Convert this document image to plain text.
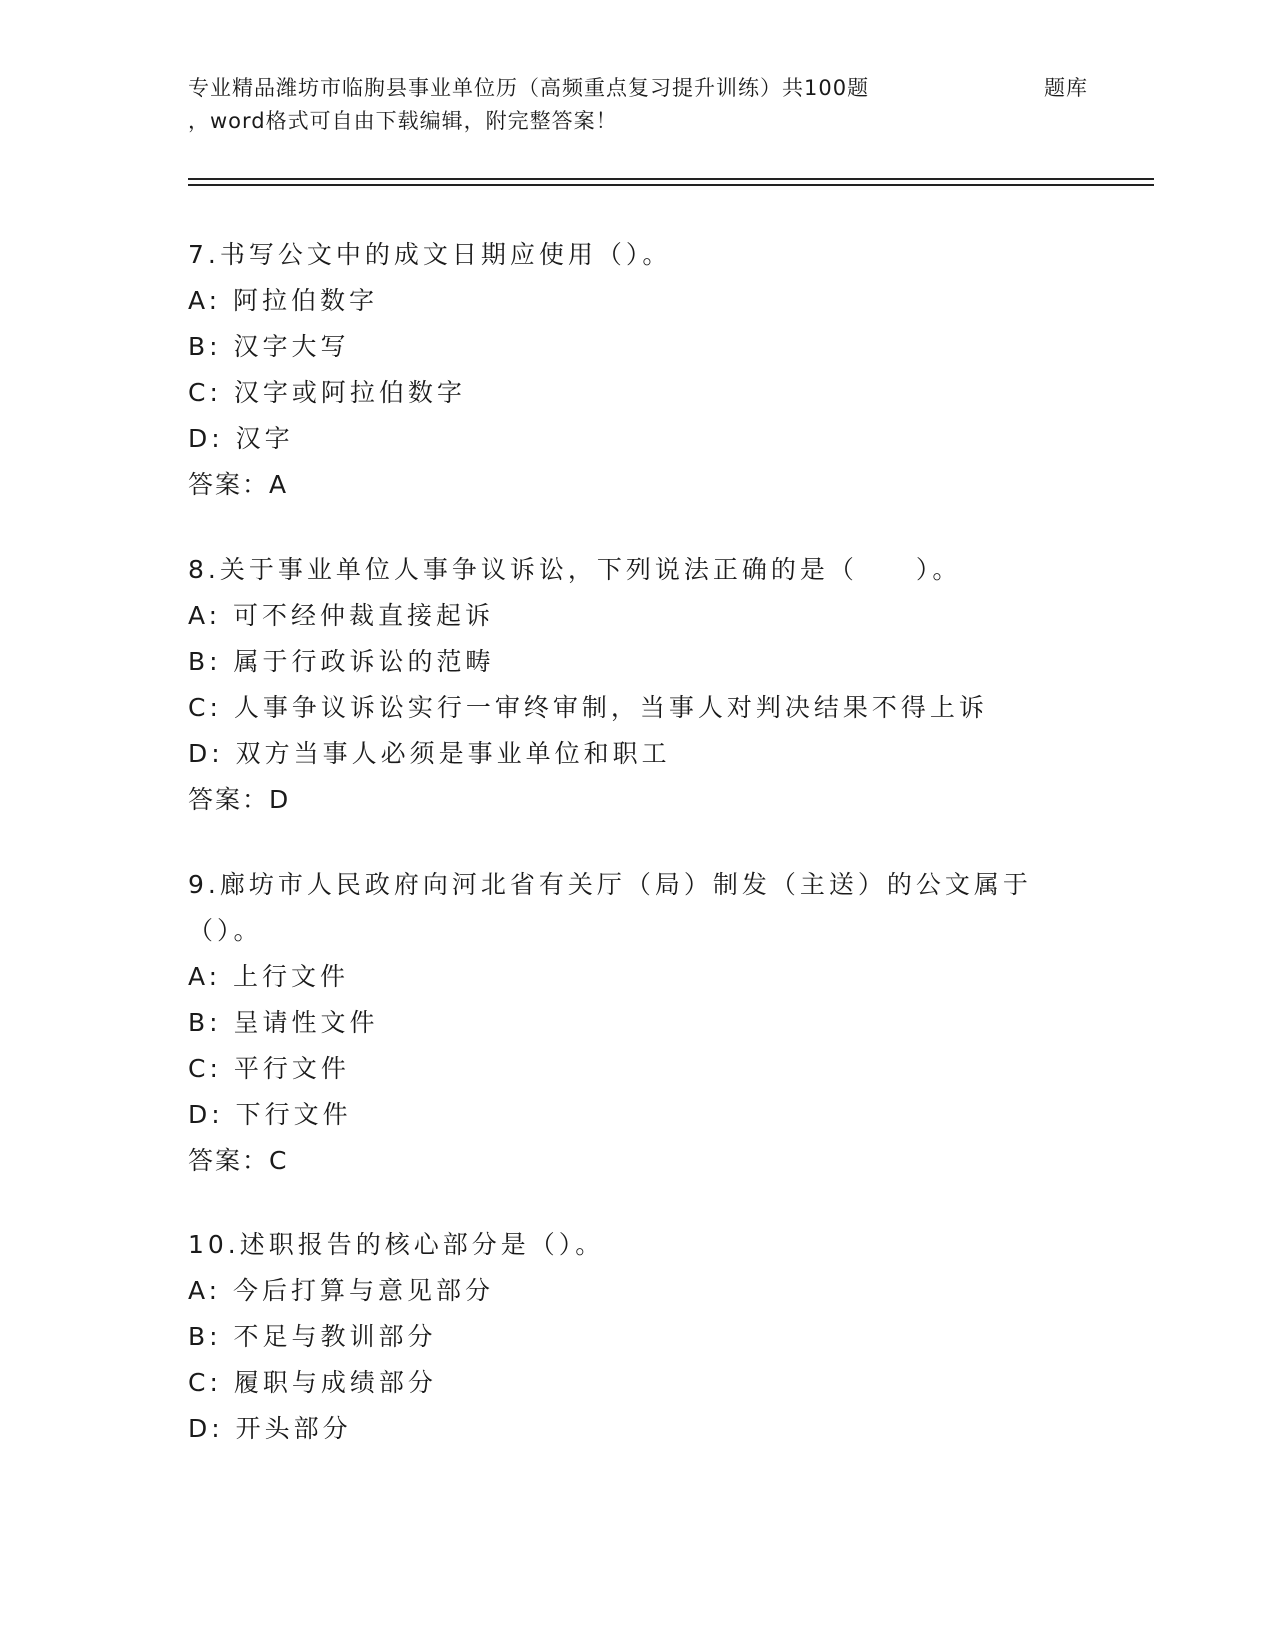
专业精品潍坊市临朐县事业单位历（高频重点复习提升训练）共100题	题库
，word格式可自由下载编辑，附完整答案！
7.书写公文中的成文日期应使用（）。
A: 阿拉伯数字
B: 汉字大写
C: 汉字或阿拉伯数字
D: 汉字
答案：A
8.关于事业单位人事争议诉讼，下列说法正确的是（　　）。
A: 可不经仲裁直接起诉
B: 属于行政诉讼的范畴
C: 人事争议诉讼实行一审终审制，当事人对判决结果不得上诉
D: 双方当事人必须是事业单位和职工
答案：D
9.廊坊市人民政府向河北省有关厅（局）制发（主送）的公文属于（）。
A: 上行文件
B: 呈请性文件
C: 平行文件
D: 下行文件
答案：C
10.述职报告的核心部分是（）。
A: 今后打算与意见部分
B: 不足与教训部分
C: 履职与成绩部分
D: 开头部分
